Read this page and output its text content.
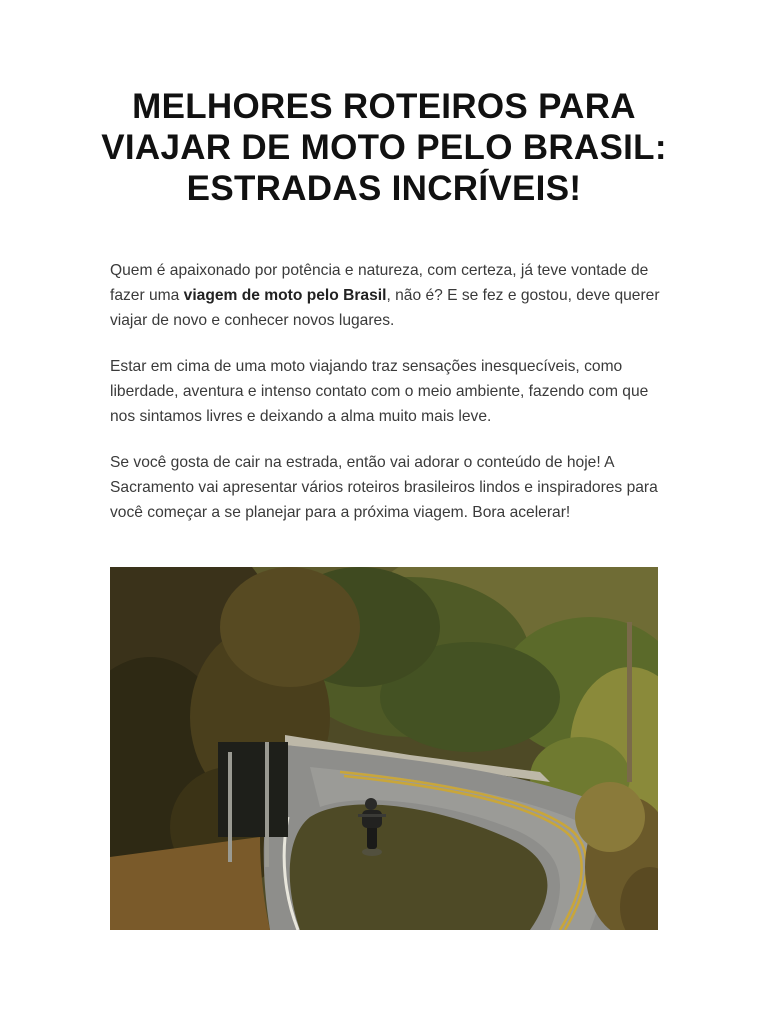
MELHORES ROTEIROS PARA VIAJAR DE MOTO PELO BRASIL: ESTRADAS INCRÍVEIS!

Quem é apaixonado por potência e natureza, com certeza, já teve vontade de fazer uma viagem de moto pelo Brasil, não é? E se fez e gostou, deve querer viajar de novo e conhecer novos lugares.

Estar em cima de uma moto viajando traz sensações inesquecíveis, como liberdade, aventura e intenso contato com o meio ambiente, fazendo com que nos sintamos livres e deixando a alma muito mais leve.

Se você gosta de cair na estrada, então vai adorar o conteúdo de hoje! A Sacramento vai apresentar vários roteiros brasileiros lindos e inspiradores para você começar a se planejar para a próxima viagem. Bora acelerar!
